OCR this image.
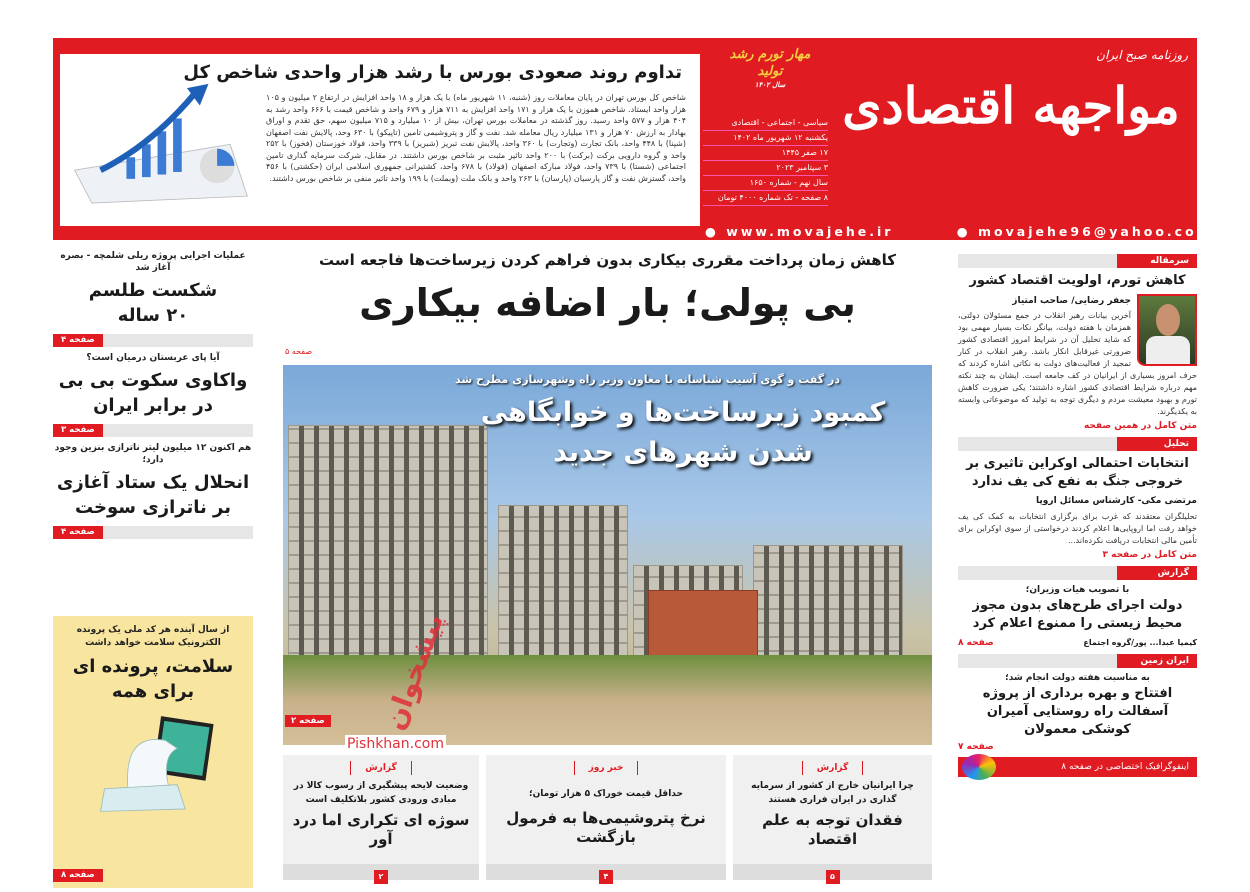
تداوم روند صعودی بورس با رشد هزار واحدی شاخص کل

شاخص کل بورس تهران در پایان معاملات روز (شنبه، ۱۱ شهریور ماه) با یک هزار و ۱۸ واحد افزایش در ارتفاع ۲ میلیون و ۱۰۵ هزار واحد ایستاد. شاخص هموزن با یک هزار و ۱۷۱ واحد افزایش به ۷۱۱ هزار و ۶۷۹ واحد و شاخص قیمت با ۶۶۶ واحد رشد به ۴۰۴ هزار و ۵۷۷ واحد رسید. روز گذشته در معاملات بورس تهران، بیش از ۱۰ میلیارد و ۷۱۵ میلیون سهم، حق تقدم و اوراق بهادار به ارزش ۷۰ هزار و ۱۳۱ میلیارد ریال معامله شد. نفت و گاز و پتروشیمی تامین (تاپیکو) با ۶۳۰ وحد، پالایش نفت اصفهان (شپنا) با ۴۴۸ واحد، بانک تجارت (وتجارت) با ۳۶۰ واحد، پالایش نفت تبریز (شبریز) با ۳۳۹ واحد، فولاد خوزستان (فخوز) با ۲۵۲ واحد و گروه دارویی برکت (برکت) با ۲۰۰ واحد تاثیر مثبت بر شاخص بورس داشتند. در مقابل، شرکت سرمایه گذاری تامین اجتماعی (شستا) با ۷۳۹ واحد، فولاد مبارکه اصفهان (فولاد) با ۶۷۸ واحد، کشتیرانی جمهوری اسلامی ایران (حکشتی) با ۴۵۶ واحد، گسترش نفت و گاز پارسیان (پارسان) با ۲۶۳ واحد و بانک ملت (وبملت) با ۱۹۹ واحد تاثیر منفی بر شاخص بورس داشتند.

روزنامه صبح ایران
مواجهه اقتصادی
مهار تورم رشد تولید
سال ۱۴۰۲
سیاسی - اجتماعی - اقتصادی
یکشنبه ۱۲ شهریور ماه ۱۴۰۲
۱۷ صفر ۱۴۴۵
۳ سپتامبر ۲۰۲۳
سال نهم - شماره ۱۶۵۰
۸ صفحه - تک شماره ۴۰۰۰ تومان
● www.movajehe.ir	● movajehe96@yahoo.com
عملیات اجرایی پروژه ریلی شلمچه - بصره آغاز شد
شکست طلسم ۲۰ ساله
صفحه ۴
آیا پای عربستان درمیان است؟
واکاوی سکوت بی بی در برابر ایران
صفحه ۳
هم اکنون ۱۲ میلیون لیتر ناترازی بنزین وجود دارد؛
انحلال یک ستاد آغازی بر ناترازی سوخت
صفحه ۴
از سال آینده هر کد ملی یک پرونده الکترونیک سلامت خواهد داشت
سلامت، پرونده ای برای همه
صفحه ۸
کاهش زمان پرداخت مقرری بیکاری بدون فراهم کردن زیرساخت‌ها فاجعه است
بی پولی؛ بار اضافه بیکاری
صفحه ۵
در گفت و گوی آسیب شناسانه با معاون وزیر راه وشهرسازی مطرح شد
کمبود زیرساخت‌ها و خوابگاهی شدن شهرهای جدید
صفحه ۲ پیشخوان
Pishkhan.com
گزارش
چرا ایرانیان خارج از کشور از سرمایه گذاری در ایران فراری هستند
فقدان توجه به علم اقتصاد
۵
خبر روز
حداقل قیمت خوراک ۵ هزار تومان؛
نرخ پتروشیمی‌ها به فرمول بازگشت
۴
گزارش
وضعیت لایحه پیشگیری از رسوب کالا در مبادی ورودی کشور بلاتکلیف است
سوژه ای تکراری اما درد آور
۲
سرمقاله
کاهش تورم، اولویت اقتصاد کشور
جعفر رضایی/ صاحب امتیاز
آخرین بیانات رهبر انقلاب در جمع مسئولان دولتی، همزمان با هفته دولت، بیانگر نکات بسیار مهمی بود که شاید تحلیل آن در شرایط امروز اقتصادی کشور ضرورتی غیرقابل انکار باشد. رهبر انقلاب در کنار تمجید از فعالیت‌های دولت به نکاتی اشاره کردند که حرف امروز بسیاری از ایرانیان در کف جامعه است. ایشان به چند نکته مهم درباره شرایط اقتصادی کشور اشاره داشتند؛ یکی ضرورت کاهش تورم و بهبود معیشت مردم و دیگری توجه به تولید که موضوعاتی وابسته به یکدیگرند.
متن کامل در همین صفحه
تحلیل
انتخابات احتمالی اوکراین تاثیری بر خروجی جنگ به نفع کی یف ندارد
مرتضی مکی- کارشناس مسائل اروپا
تحلیلگران معتقدند که غرب برای برگزاری انتخابات به کمک کی یف خواهد رفت اما اروپایی‌ها اعلام کردند درخواستی از سوی اوکراین برای تأمین مالی انتخابات دریافت نکرده‌اند...
متن کامل در صفحه ۳
گزارش
با تصویب هیات وزیران؛
دولت اجرای طرح‌های بدون مجوز محیط زیستی را ممنوع اعلام کرد
کیمیا عبدا... پور/گروه اجتماع
صفحه ۸
ایران زمین
به مناسبت هفته دولت انجام شد؛
افتتاح و بهره برداری از پروژه آسفالت راه روستایی آمیران کوشکی معمولان
صفحه ۷
اینفوگرافیک اختصاصی در صفحه ۸
